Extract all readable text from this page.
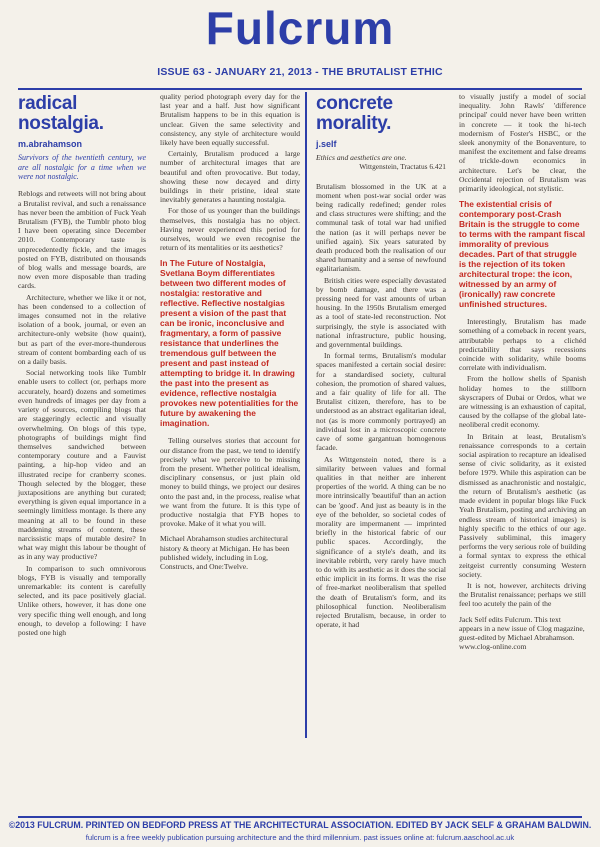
Fulcrum
ISSUE 63 - JANUARY 21, 2013 - THE BRUTALIST ETHIC
radical nostalgia.
m.abrahamson
Survivors of the twentieth century, we are all nostalgic for a time when we were not nostalgic.

Reblogs and retweets will not bring about a Brutalist revival, and such a renaissance has never been the ambition of Fuck Yeah Brutalism (FYB), the Tumblr photo blog I have been operating since December 2010. Contemporary taste is unprecedentedly fickle, and the images posted on FYB, distributed on thousands of blog walls and message boards, are now even more disposable than trading cards.

Architecture, whether we like it or not, has been condensed to a collection of images consumed not in the relative isolation of a book, journal, or even an architecture-only website (how quaint), but as part of the ever-more-thunderous stream of content bombarding each of us on a daily basis.

Social networking tools like Tumblr enable users to collect (or, perhaps more accurately, hoard) dozens and sometimes even hundreds of images per day from a variety of sources, compiling blogs that are staggeringly eclectic and visually overwhelming. On blogs of this type, photographs of buildings might find themselves sandwiched between contemporary couture and a Fauvist painting, a hip-hop video and an illustrated recipe for cranberry scones. Though selected by the blogger, these juxtapositions are anything but curated; everything is given equal importance in a seemingly limitless montage. Is there any meaning at all to be found in these maddening streams of content, these narcissistic maps of mutable desire? In what way might this labour be thought of as in any way productive?

In comparison to such omnivorous blogs, FYB is visually and temporally unremarkable: its content is carefully selected, and its pace positively glacial. Unlike others, however, it has done one very specific thing well enough, and long enough, to develop a following: I have posted one high

quality period photograph every day for the last year and a half. Just how significant Brutalism happens to be in this equation is unclear. Given the same selectivity and consistency, any style of architecture would likely have been equally successful.

Certainly, Brutalism produced a large number of architectural images that are beautiful and often provocative. But today, showing these now decayed and dirty buildings in their pristine, ideal state inevitably generates a haunting nostalgia.

For those of us younger than the buildings themselves, this nostalgia has no object. Having never experienced this period for ourselves, would we even recognise the return of its mentalities or its aesthetics?

In The Future of Nostalgia, Svetlana Boym differentiates between two different modes of nostalgia: restorative and reflective. Reflective nostalgias present a vision of the past that can be ironic, inconclusive and fragmentary, a form of passive resistance that underlines the tremendous gulf between the present and past instead of attempting to bridge it. In drawing the past into the present as evidence, reflective nostalgia provokes new potentialities for the future by awakening the imagination.

Telling ourselves stories that account for our distance from the past, we tend to identify precisely what we perceive to be missing from the present. Whether political idealism, disciplinary consensus, or just plain old money to build things, we project our desires onto the past and, in the process, realise what we want from the future. It is this type of productive nostalgia that FYB hopes to provoke. Make of it what you will.

Michael Abrahamson studies architectural history & theory at Michigan. He has been published widely, including in Log, Constructs, and One:Twelve.

concrete morality.
j.self

Ethics and aesthetics are one.

Wittgenstein, Tractatus 6.421

Brutalism blossomed in the UK at a moment when post-war social order was being radically redefined; gender roles and class structures were shifting; and the communal task of total war had unified the nation (as it will perhaps never be unified again). Six years saturated by death produced both the realisation of our shared humanity and a sense of newfound egalitarianism.

British cities were especially devastated by bomb damage, and there was a pressing need for vast amounts of urban housing. In the 1950s Brutalism emerged as a tool of state-led reconstruction. Not surprisingly, the style is associated with national infrastructure, public housing, and governmental buildings.

In formal terms, Brutalism's modular spaces manifested a certain social desire: for a standardised society, cultural cohesion, the promotion of shared values, and a fair quality of life for all. The Brutalist citizen, therefore, has to be understood as an abstract egalitarian ideal, not (as is more commonly portrayed) an individual lost in a microscopic concrete cave of some gargantuan homogenous facade.

As Wittgenstein noted, there is a similarity between values and formal qualities in that neither are inherent properties of the world. A thing can be no more intrinsically 'beautiful' than an action can be 'good'. And just as beauty is in the eye of the beholder, so societal codes of morality are impermanent — imprinted briefly in the historical fabric of our public spaces. Accordingly, the significance of a style's death, and its inevitable rebirth, very rarely have much to do with its aesthetic as it does the social ethic implicit in its forms. It was the rise of free-market neoliberalism that spelled the death of Brutalism's form, and its philosophical function. Neoliberalism rejected Brutalism, because, in order to operate, it had

to visually justify a model of social inequality. John Rawls' 'difference principal' could never have been written in concrete — it took the hi-tech modernism of Foster's HSBC, or the sleek anonymity of the Bonaventure, to manifest the excitement and false dreams of trickle-down economics in architecture. Let's be clear, the Occidental rejection of Brutalism was primarily ideological, not stylistic.

The existential crisis of contemporary post-Crash Britain is the struggle to come to terms with the rampant fiscal immorality of previous decades. Part of that struggle is the rejection of its token architectural trope: the icon, witnessed by an army of (ironically) raw concrete unfinished structures.

Interestingly, Brutalism has made something of a comeback in recent years, attributable perhaps to a clichéd predictability that says recessions coincide with solidarity, while booms correlate with individualism.

From the hollow shells of Spanish holiday homes to the stillborn skyscrapers of Dubai or Ordos, what we are witnessing is an exhaustion of capital, caused by the collapse of the global late-neoliberal credit economy.

In Britain at least, Brutalism's renaissance corresponds to a certain social aspiration to recapture an idealised sense of civic solidarity, as it existed before 1979. While this aspiration can be dismissed as anachronistic and nostalgic, the return of Brutalism's aesthetic (as made evident in popular blogs like Fuck Yeah Brutalism, posting and archiving an endless stream of historical images) is highly specific to the ethics of our age. Passively subliminal, this imagery performs the very serious role of building a formal syntax to express the ethical zeitgeist currently consuming Western society.

It is not, however, architects driving the Brutalist renaissance; perhaps we still feel too acutely the pain of the

Jack Self edits Fulcrum. This text appears in a new issue of Clog magazine, guest-edited by Michael Abrahamson. www.clog-online.com

©2013 FULCRUM. PRINTED ON BEDFORD PRESS AT THE ARCHITECTURAL ASSOCIATION. EDITED BY JACK SELF & GRAHAM BALDWIN.
fulcrum is a free weekly publication pursuing architecture and the third millennium. past issues online at: fulcrum.aaschool.ac.uk
